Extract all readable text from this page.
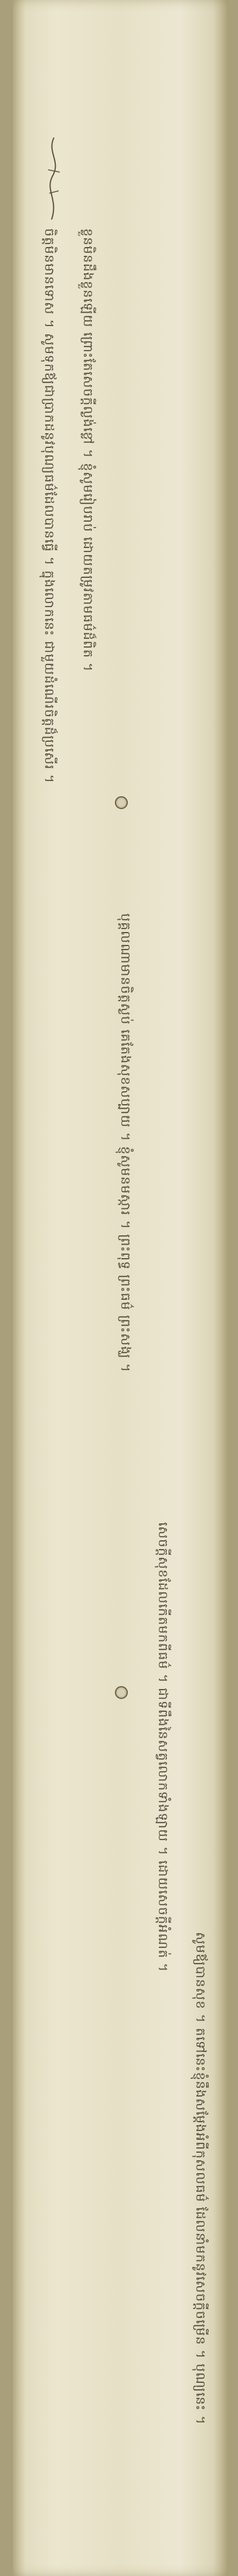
ចិត្តមិនមានទោស ។ សូមទុកឪ្យជាប្រាកដនូវបុណ្យធម៌ដែលបានធ្វើ ។ ក្នុងលោកនេះ ជាមួយដំណើរចិត្តដ៏ប្រសើរ ។ ខ្លួនមិនដឹងខ្លួនឡើយ ព្រោះតែសេចក្តីល្ងង់ខ្លៅ ។ ខ្ញុំសូមរៀបរាប់ ដោយតម្រូវតាមធម៌ដ៏ពិត ។
បុគ្គលណាមានចិត្តស្ងប់ គេតែងសុខសប្បាយ ។ ខ្ញុំសូមនមស្ការ ។ ព្រះពុទ្ធ ព្រះធម៌ ព្រះសង្ឃ ។
សេចក្តីសុខដែលកើតមកពីធម៌ ។ ជាទីពឹងនៃសត្វលោកទាំងឡាយ ។ ដោយសេចក្តីអំណត់ ។
សូមឪ្យបានសុខ ។ តទៅនេះខ្ញុំនឹងសម្តែងអំពីកុសលធម៌ ដែលនាំមកនូវសេចក្តីចម្រើន ។ បុណ្យនេះ ។
